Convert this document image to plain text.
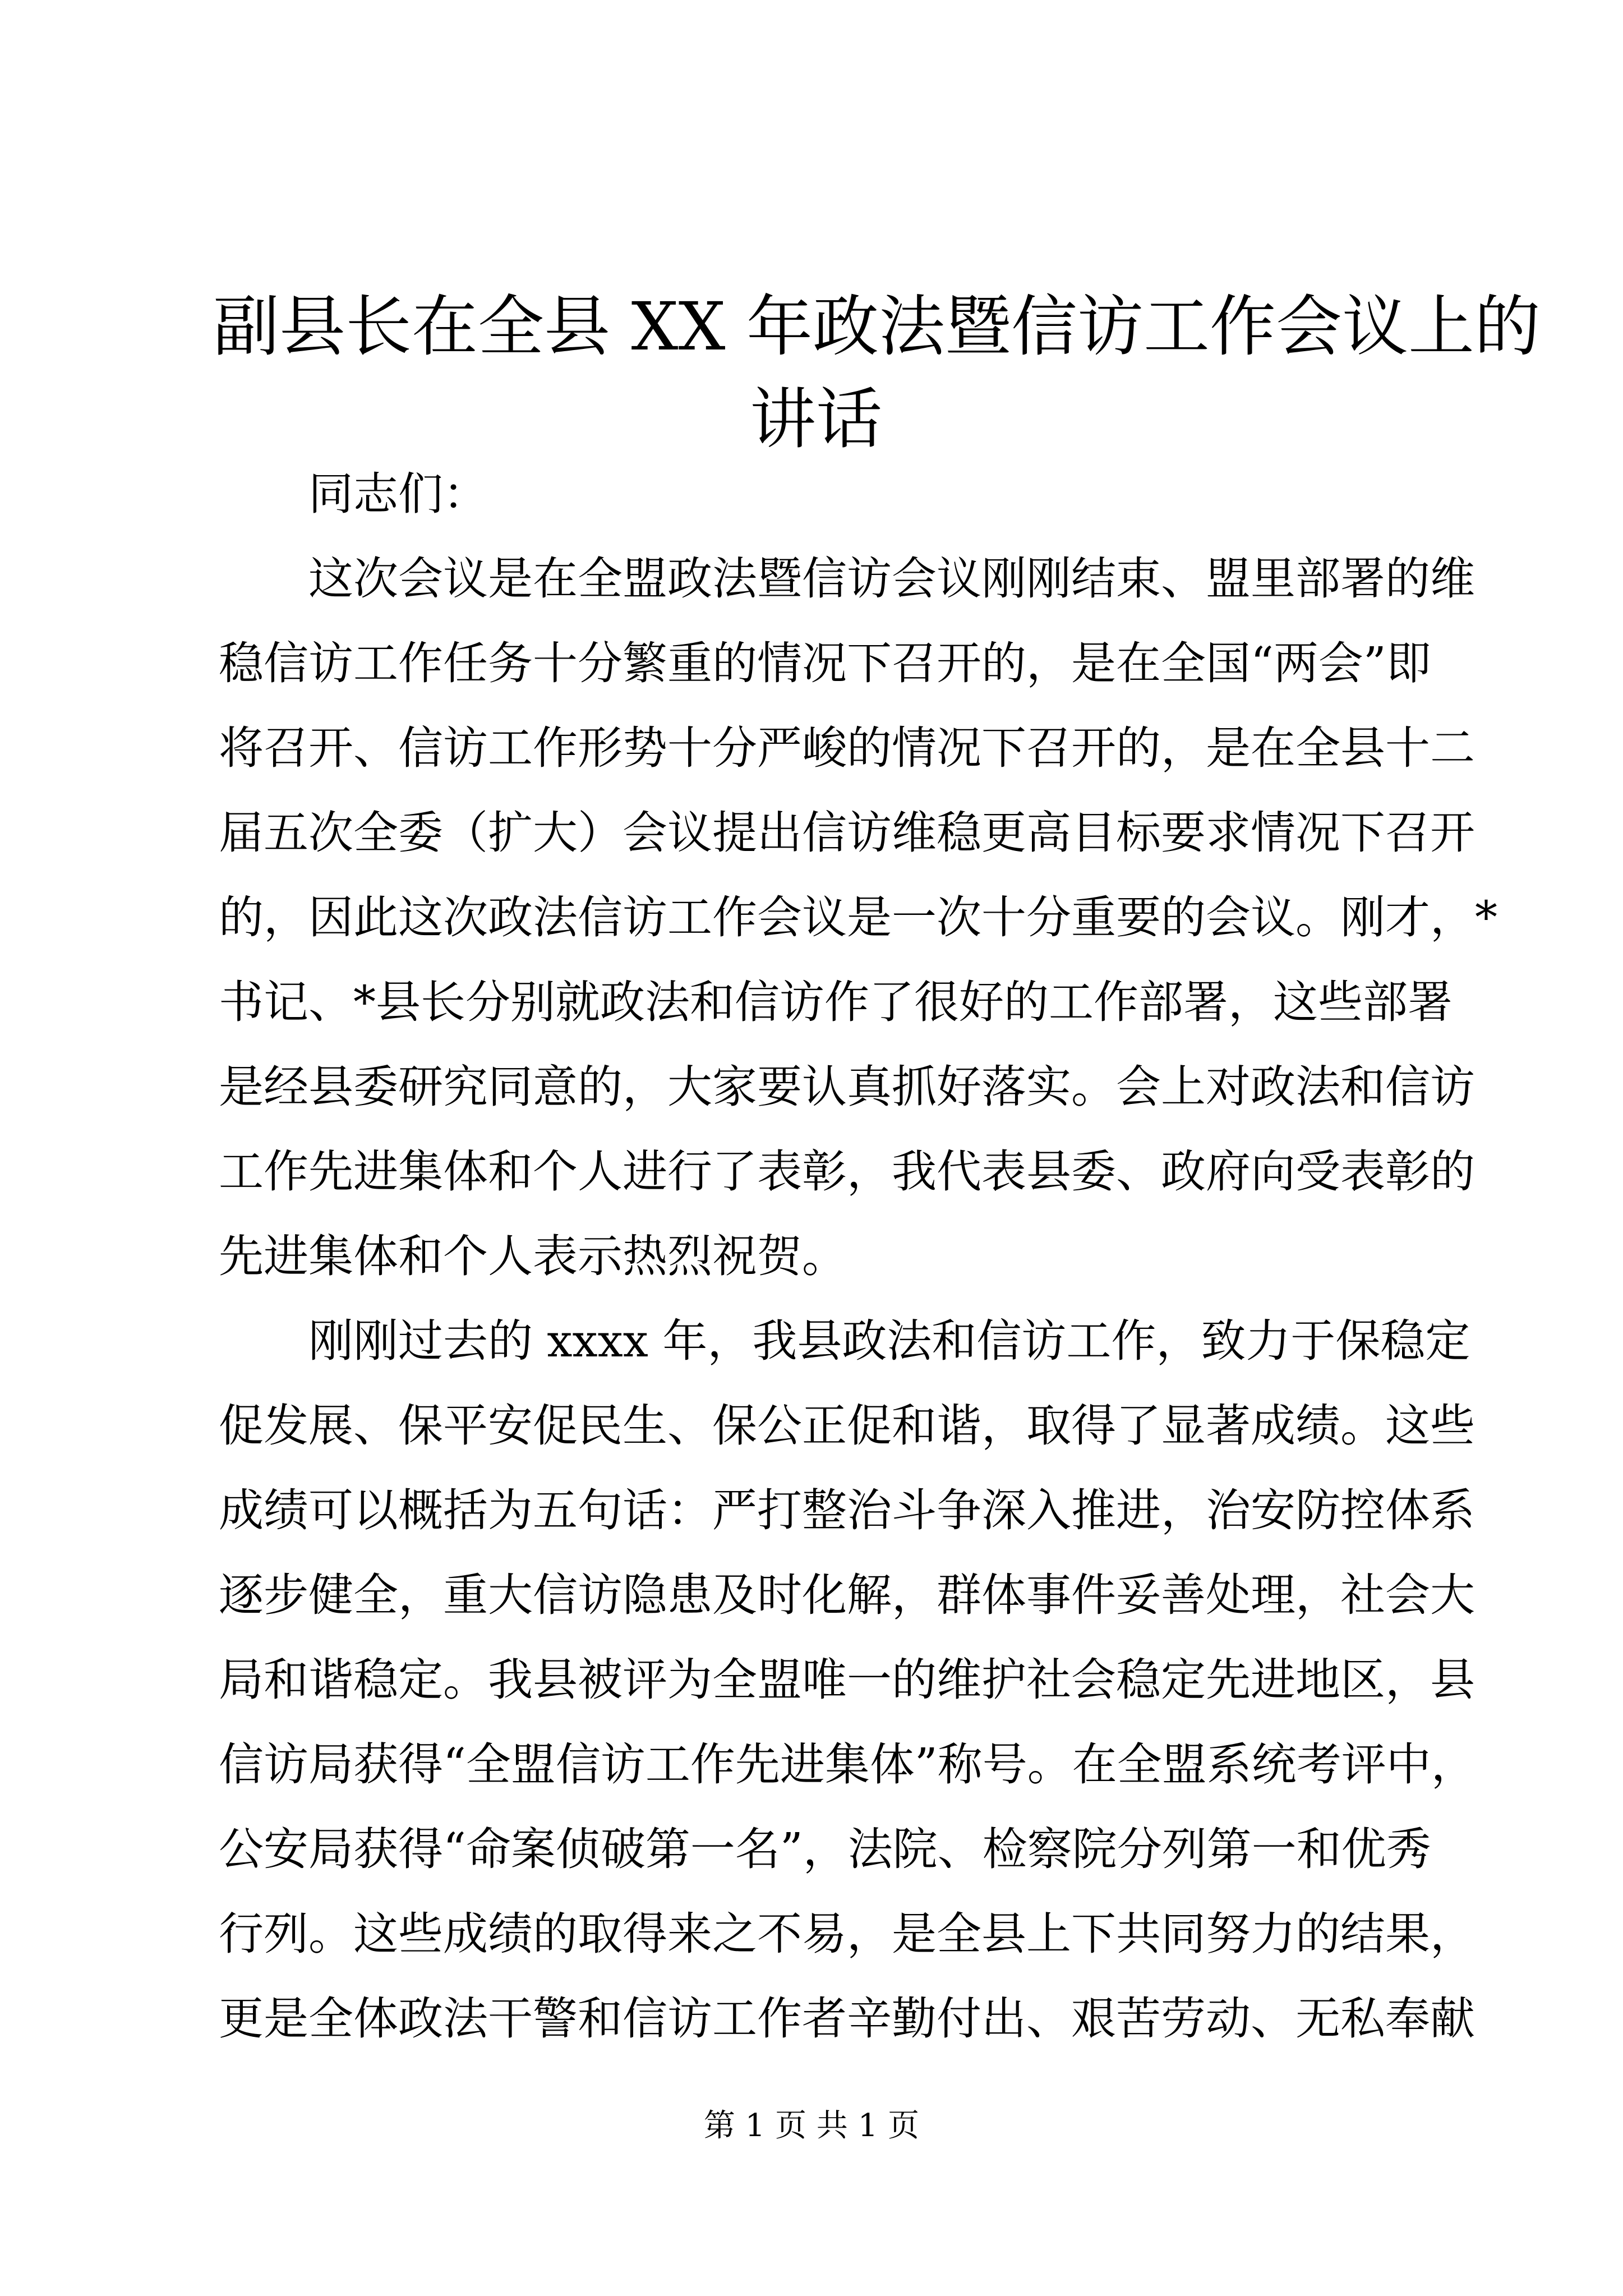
副县长在全县 XX 年政法暨信访工作会议上的
讲话
同志们：
这次会议是在全盟政法暨信访会议刚刚结束、盟里部署的维
稳信访工作任务十分繁重的情况下召开的，是在全国“两会”即
将召开、信访工作形势十分严峻的情况下召开的，是在全县十二
届五次全委（扩大）会议提出信访维稳更高目标要求情况下召开
的，因此这次政法信访工作会议是一次十分重要的会议。刚才，*
书记、*县长分别就政法和信访作了很好的工作部署，这些部署
是经县委研究同意的，大家要认真抓好落实。会上对政法和信访
工作先进集体和个人进行了表彰，我代表县委、政府向受表彰的
先进集体和个人表示热烈祝贺。
刚刚过去的 xxxx 年，我县政法和信访工作，致力于保稳定
促发展、保平安促民生、保公正促和谐，取得了显著成绩。这些
成绩可以概括为五句话：严打整治斗争深入推进，治安防控体系
逐步健全，重大信访隐患及时化解，群体事件妥善处理，社会大
局和谐稳定。我县被评为全盟唯一的维护社会稳定先进地区，县
信访局获得“全盟信访工作先进集体”称号。在全盟系统考评中，
公安局获得“命案侦破第一名”，法院、检察院分列第一和优秀
行列。这些成绩的取得来之不易，是全县上下共同努力的结果，
更是全体政法干警和信访工作者辛勤付出、艰苦劳动、无私奉献
第 1 页 共 1 页
